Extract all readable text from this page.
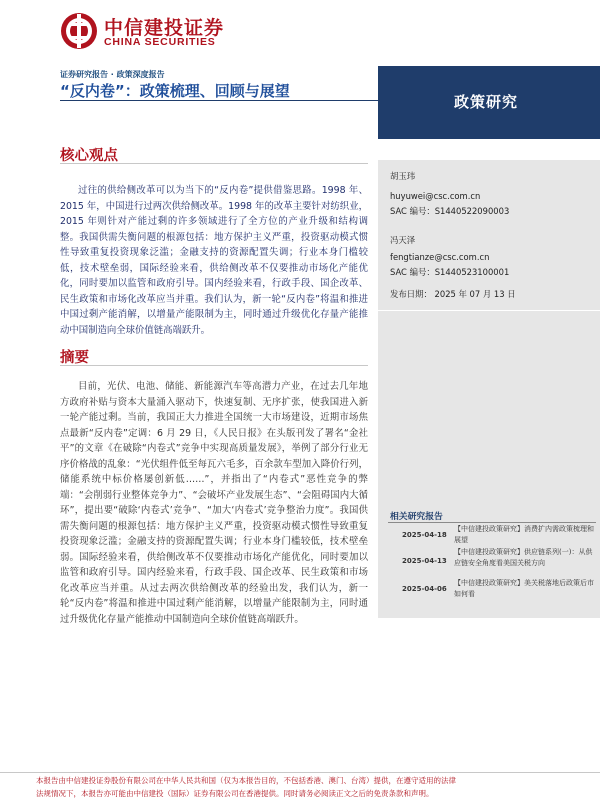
中信建投证券
CHINA SECURITIES
证券研究报告 · 政策深度报告
“反内卷”：政策梳理、回顾与展望
政策研究
核心观点

过往的供给侧改革可以为当下的“反内卷”提供借鉴思路。1998 年、2015 年，中国进行过两次供给侧改革。1998 年的改革主要针对纺织业，2015 年则针对产能过剩的许多领域进行了全方位的产业升级和结构调整。我国供需失衡问题的根源包括：地方保护主义严重，投资驱动模式惯性导致重复投资现象泛滥；金融支持的资源配置失调；行业本身门槛较低，技术壁垒弱，国际经验来看，供给侧改革不仅要推动市场化产能优化，同时要加以监管和政府引导。国内经验来看，行政手段、国企改革、民生政策和市场化改革应当并重。我们认为，新一轮“反内卷”将温和推进中国过剩产能消解，以增量产能限制为主，同时通过升级优化存量产能推动中国制造向全球价值链高端跃升。

摘要

目前，光伏、电池、储能、新能源汽车等高潜力产业，在过去几年地方政府补贴与资本大量涌入驱动下，快速复制、无序扩张，使我国进入新一轮产能过剩。当前，我国正大力推进全国统一大市场建设，近期市场焦点最新“反内卷”定调：6 月 29 日，《人民日报》在头版刊发了署名“金社平”的文章《在破除“内卷式”竞争中实现高质量发展》，举例了部分行业无序价格战的乱象：“光伏组件低至每瓦六毛多，百余款车型加入降价行列，储能系统中标价格屡创新低……”，并指出了“内卷式”恶性竞争的弊端：“会削弱行业整体竞争力”、“会破坏产业发展生态”、“会阻碍国内大循环”，提出要“破除‘内卷式’竞争”、“加大‘内卷式’竞争整治力度”。我国供需失衡问题的根源包括：地方保护主义严重，投资驱动模式惯性导致重复投资现象泛滥；金融支持的资源配置失调；行业本身门槛较低，技术壁垒弱。国际经验来看，供给侧改革不仅要推动市场化产能优化，同时要加以监管和政府引导。国内经验来看，行政手段、国企改革、民生政策和市场化改革应当并重。从过去两次供给侧改革的经验出发，我们认为，新一轮“反内卷”将温和推进中国过剩产能消解，以增量产能限制为主，同时通过升级优化存量产能推动中国制造向全球价值链高端跃升。

胡玉玮
huyuwei@csc.com.cn
SAC 编号：S1440522090003
冯天泽
fengtianze@csc.com.cn
SAC 编号：S1440523100001
发布日期： 2025 年 07 月 13 日
相关研究报告
2025-04-18
【中信建投政策研究】消费扩内需政策梳理和展望
2025-04-13
【中信建投政策研究】供应链系列(一)：从供应链安全角度看美国关税方向
2025-04-06
【中信建投政策研究】美关税落地后政策后市如何看
本报告由中信建投证券股份有限公司在中华人民共和国（仅为本报告目的，不包括香港、澳门、台湾）提供，在遵守适用的法律
法规情况下，本报告亦可能由中信建投（国际）证券有限公司在香港提供。同时请务必阅读正文之后的免责条款和声明。
